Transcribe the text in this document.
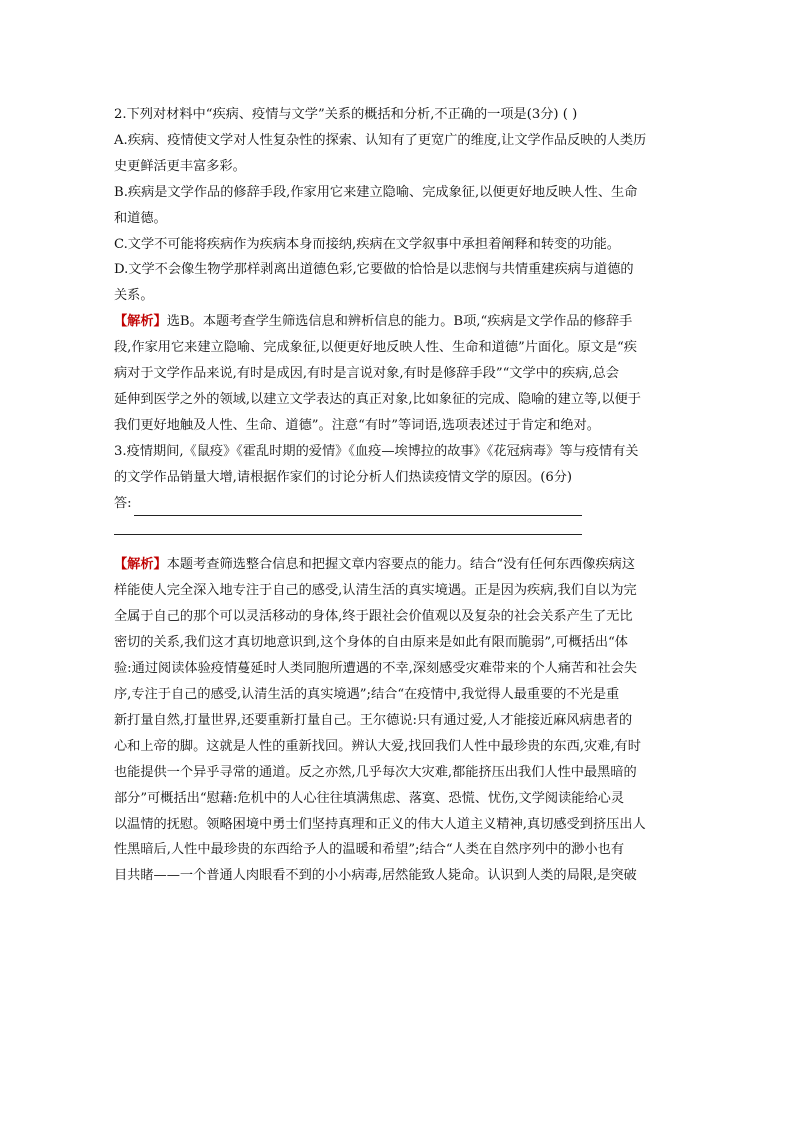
2.下列对材料中“疾病、疫情与文学”关系的概括和分析,不正确的一项是(3分) ( )

A.疾病、疫情使文学对人性复杂性的探索、认知有了更宽广的维度,让文学作品反映的人类历

史更鲜活更丰富多彩。

B.疾病是文学作品的修辞手段,作家用它来建立隐喻、完成象征,以便更好地反映人性、生命

和道德。

C.文学不可能将疾病作为疾病本身而接纳,疾病在文学叙事中承担着阐释和转变的功能。

D.文学不会像生物学那样剥离出道德色彩,它要做的恰恰是以悲悯与共情重建疾病与道德的

关系。

【解析】选B。本题考查学生筛选信息和辨析信息的能力。B项,“疾病是文学作品的修辞手

段,作家用它来建立隐喻、完成象征,以便更好地反映人性、生命和道德”片面化。原文是“疾

病对于文学作品来说,有时是成因,有时是言说对象,有时是修辞手段”“文学中的疾病,总会

延伸到医学之外的领域,以建立文学表达的真正对象,比如象征的完成、隐喻的建立等,以便于

我们更好地触及人性、生命、道德”。注意“有时”等词语,选项表述过于肯定和绝对。

3.疫情期间,《鼠疫》《霍乱时期的爱情》《血疫—埃博拉的故事》《花冠病毒》等与疫情有关

的文学作品销量大增,请根据作家们的讨论分析人们热读疫情文学的原因。(6分)

答:

【解析】本题考查筛选整合信息和把握文章内容要点的能力。结合“没有任何东西像疾病这

样能使人完全深入地专注于自己的感受,认清生活的真实境遇。正是因为疾病,我们自以为完

全属于自己的那个可以灵活移动的身体,终于跟社会价值观以及复杂的社会关系产生了无比

密切的关系,我们这才真切地意识到,这个身体的自由原来是如此有限而脆弱”,可概括出“体

验:通过阅读体验疫情蔓延时人类同胞所遭遇的不幸,深刻感受灾难带来的个人痛苦和社会失

序,专注于自己的感受,认清生活的真实境遇”;结合“在疫情中,我觉得人最重要的不光是重

新打量自然,打量世界,还要重新打量自己。王尔德说:只有通过爱,人才能接近麻风病患者的

心和上帝的脚。这就是人性的重新找回。辨认大爱,找回我们人性中最珍贵的东西,灾难,有时

也能提供一个异乎寻常的通道。反之亦然,几乎每次大灾难,都能挤压出我们人性中最黑暗的

部分”可概括出“慰藉:危机中的人心往往填满焦虑、落寞、恐慌、忧伤,文学阅读能给心灵

以温情的抚慰。领略困境中勇士们坚持真理和正义的伟大人道主义精神,真切感受到挤压出人

性黑暗后,人性中最珍贵的东西给予人的温暖和希望”;结合“人类在自然序列中的渺小也有

目共睹——一个普通人肉眼看不到的小小病毒,居然能致人毙命。认识到人类的局限,是突破
